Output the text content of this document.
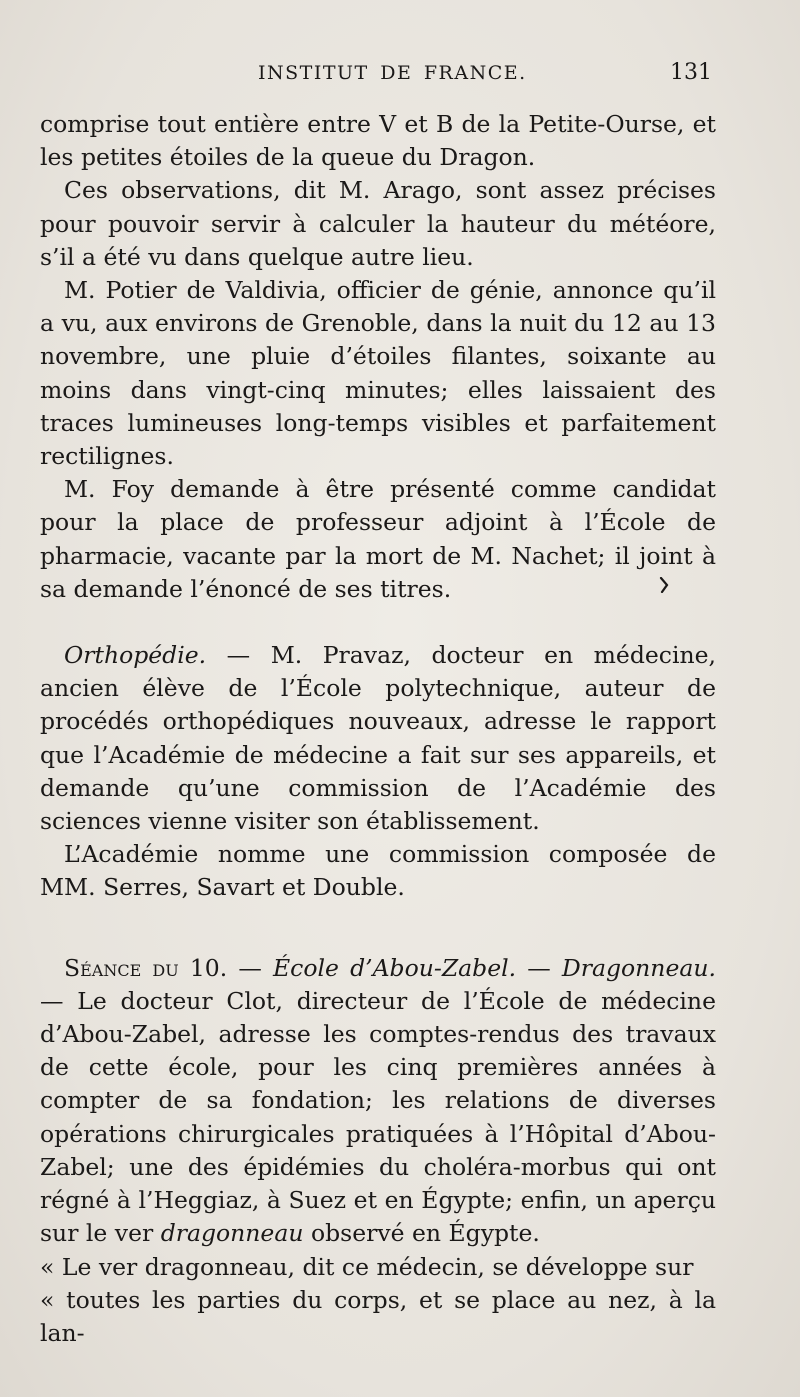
INSTITUT DE FRANCE.	131

comprise tout entière entre V et B de la Petite-Ourse, et les petites étoiles de la queue du Dragon.

Ces observations, dit M. Arago, sont assez précises pour pouvoir servir à calculer la hauteur du météore, s’il a été vu dans quelque autre lieu.

M. Potier de Valdivia, officier de génie, annonce qu’il a vu, aux environs de Grenoble, dans la nuit du 12 au 13 novembre, une pluie d’étoiles filantes, soixante au moins dans vingt-cinq minutes; elles laissaient des traces lumineuses long-temps visibles et parfaitement rectilignes.

M. Foy demande à être présenté comme candidat pour la place de professeur adjoint à l’École de pharmacie, vacante par la mort de M. Nachet; il joint à sa demande l’énoncé de ses titres.

Orthopédie. — M. Pravaz, docteur en médecine, ancien élève de l’École polytechnique, auteur de procédés orthopédiques nouveaux, adresse le rapport que l’Académie de médecine a fait sur ses appareils, et demande qu’une commission de l’Académie des sciences vienne visiter son établissement.

L’Académie nomme une commission composée de MM. Serres, Savart et Double.

Séance du 10. — École d’Abou-Zabel. — Dragonneau. — Le docteur Clot, directeur de l’École de médecine d’Abou-Zabel, adresse les comptes-rendus des travaux de cette école, pour les cinq premières années à compter de sa fondation; les relations de diverses opérations chirurgicales pratiquées à l’Hôpital d’Abou-Zabel; une des épidémies du choléra-morbus qui ont régné à l’Heggiaz, à Suez et en Égypte; enfin, un aperçu sur le ver dragonneau observé en Égypte.

« Le ver dragonneau, dit ce médecin, se développe sur

« toutes les parties du corps, et se place au nez, à la lan-
